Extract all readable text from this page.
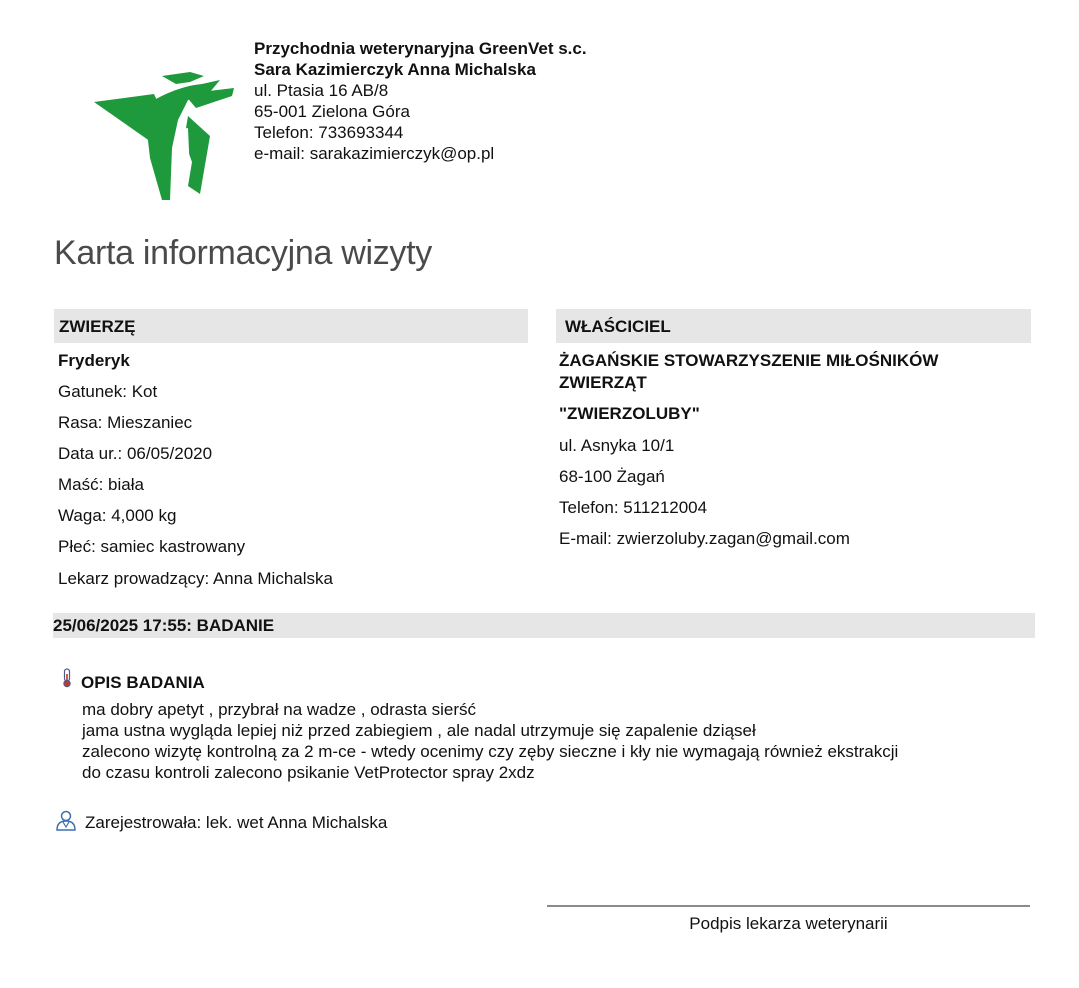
Przychodnia weterynaryjna GreenVet s.c.
Sara Kazimierczyk Anna Michalska
ul. Ptasia 16 AB/8
65-001 Zielona Góra
Telefon: 733693344
e-mail: sarakazimierczyk@op.pl
Karta informacyjna wizyty
ZWIERZĘ
Fryderyk
Gatunek: Kot
Rasa: Mieszaniec
Data ur.: 06/05/2020
Maść: biała
Waga: 4,000 kg
Płeć: samiec kastrowany
Lekarz prowadzący: Anna Michalska
WŁAŚCICIEL
ŻAGAŃSKIE STOWARZYSZENIE MIŁOŚNIKÓW
ZWIERZĄT
"ZWIERZOLUBY"
ul. Asnyka 10/1
68-100 Żagań
Telefon: 511212004
E-mail: zwierzoluby.zagan@gmail.com
25/06/2025 17:55: BADANIE
OPIS BADANIA
ma dobry apetyt , przybrał na wadze , odrasta sierść
jama ustna wygląda lepiej niż przed zabiegiem , ale nadal utrzymuje się zapalenie dziąseł
zalecono wizytę kontrolną za 2 m-ce - wtedy ocenimy czy zęby sieczne i kły nie wymagają również ekstrakcji
do czasu kontroli zalecono psikanie VetProtector spray 2xdz
Zarejestrowała: lek. wet Anna Michalska
Podpis lekarza weterynarii
